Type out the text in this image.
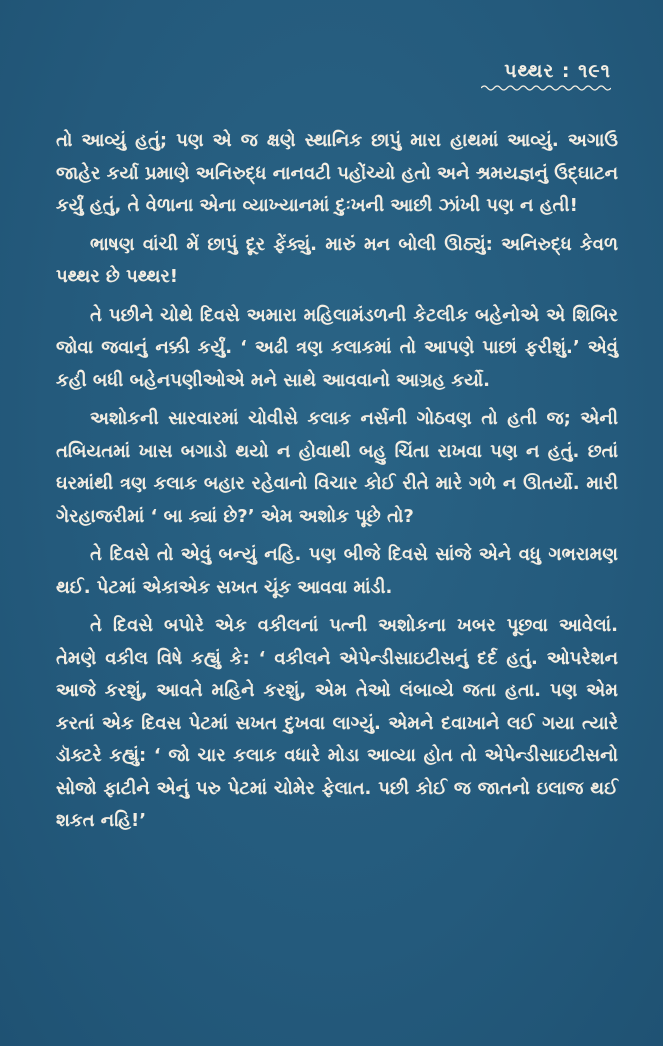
પથ્થર : ૧૯૧

તો આવ્યું હતું; પણ એ જ ક્ષણે સ્થાનિક છાપું મારા હાથમાં આવ્યું. અગાઉ જાહેર કર્યા પ્રમાણે અનિરુદ્ધ નાનવટી પહોંચ્યો હતો અને શ્રમયજ્ઞનું ઉદ્ઘાટન કર્યું હતું, તે વેળાના એના વ્યાખ્યાનમાં દુઃખની આછી ઝાંખી પણ ન હતી!

ભાષણ વાંચી મેં છાપું દૂર ફેંક્યું. મારું મન બોલી ઊઠ્યું: અનિરુદ્ધ કેવળ પથ્થર છે પથ્થર!

તે પછીને ચોથે દિવસે અમારા મહિલામંડળની કેટલીક બહેનોએ એ શિબિર જોવા જવાનું નક્કી કર્યું. ‘ અઢી ત્રણ કલાકમાં તો આપણે પાછાં ફરીશું.’ એવું કહી બધી બહેનપણીઓએ મને સાથે આવવાનો આગ્રહ કર્યો.

અશોકની સારવારમાં ચોવીસે કલાક નર્સની ગોઠવણ તો હતી જ; એની તબિયતમાં ખાસ બગાડો થયો ન હોવાથી બહુ ચિંતા રાખવા પણ ન હતું. છતાં ઘરમાંથી ત્રણ કલાક બહાર રહેવાનો વિચાર કોઈ રીતે મારે ગળે ન ઊતર્યો. મારી ગેરહાજરીમાં ‘ બા ક્યાં છે?’ એમ અશોક પૂછે તો?

તે દિવસે તો એવું બન્યું નહિ. પણ બીજે દિવસે સાંજે એને વધુ ગભરામણ થઈ. પેટમાં એકાએક સખત ચૂંક આવવા માંડી.

તે દિવસે બપોરે એક વકીલનાં પત્ની અશોકના ખબર પૂછવા આવેલાં. તેમણે વકીલ વિષે કહ્યું કે: ‘ વકીલને એપેન્ડીસાઇટીસનું દર્દ હતું. ઓપરેશન આજે કરશું, આવતે મહિને કરશું, એમ તેઓ લંબાવ્યે જતા હતા. પણ એમ કરતાં એક દિવસ પેટમાં સખત દુખવા લાગ્યું. એમને દવાખાને લઈ ગયા ત્યારે ડૉક્ટરે કહ્યું: ‘ જો ચાર કલાક વધારે મોડા આવ્યા હોત તો એપેન્ડીસાઇટીસનો સોજો ફાટીને એનું પરુ પેટમાં ચોમેર ફેલાત. પછી કોઈ જ જાતનો ઇલાજ થઈ શકત નહિ!’
